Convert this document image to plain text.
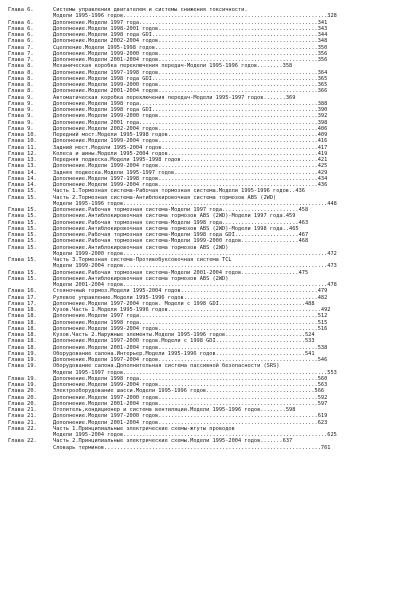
Глава 6.	Системы управления двигателем и системы снижения токсичности.
Модели 1995-1996 годов................................................................328
Глава 6.	Дополнение.Модели 1997 года........................................................341
Глава 6.	Дополнение.Модели 1998-2001 годов..................................................343
Глава 6.	Дополнение.Модели 1998 года GDI....................................................344
Глава 6.	Дополнение.Модели 2002-2004 годов..................................................348
Глава 7.	Сцепление.Модели 1995-1998 годов...................................................350
Глава 7.	Дополнение.Модели 1999-2000 годов..................................................356
Глава 7.	Дополнение.Модели 2001-2004 годов..................................................356
Глава 8.	Механическая коробка переключения передач-Модели 1995-1996 годов........358
Глава 8.	Дополнение.Модели 1997-1998 годов..................................................364
Глава 8.	Дополнение.Модели 1998 года GDI....................................................365
Глава 8.	Дополнение.Модели 1999-2000 годов..................................................365
Глава 8.	Дополнение.Модели 2001-2004 годов..................................................366
Глава 9.	Автоматическая коробка переключения передач-Модели 1995-1997 годов.......369
Глава 9.	Дополнение.Модели 1998 года........................................................388
Глава 9.	Дополнение.Модели 1998 года GDI....................................................390
Глава 9.	Дополнение.Модели 1999-2000 годов..................................................392
Глава 9.	Дополнение.Модели 2001 года........................................................398
Глава 9.	Дополнение.Модели 2002-2004 годов..................................................406
Глава 10.	Передний мост.Модели 1995-1998 годов...............................................409
Глава 10.	Дополнение.Модели 1999-2004 годов..................................................416
Глава 11.	Задний мост.Модели 1995-2004 годов.................................................417
Глава 12.	Колеса и шины.Модели 1995-2004 годов...............................................419
Глава 13.	Передняя подвеска.Модели 1995-1998 годов...........................................421
Глава 13.	Дополнение.Модели 1999-2004 годов..................................................425
Глава 14.	Задняя подвеска.Модели 1995-1997 годов.............................................429
Глава 14.	Дополнение.Модели 1997-1998 годов..................................................434
Глава 14.	Дополнение.Модели 1999-2004 годов..................................................436
Глава 15.	Часть 1.Тормозная система-Рабочая тормозная система.Модели 1995-1996 годов..436
Глава 15.	Часть 2.Тормозная система-Антиблокировочная система тормозов ABS (2WD)
Модели 1995-1996 годов................................................................448
Глава 15.	Дополнение.Рабочая тормозная система-Модели 1997 года........................458
Глава 15.	Дополнение.Антиблокировочная система тормозов ABS (2WD)-Модели 1997 года.459
Глава 15.	Дополнение.Рабочая тормозная система-Модели 1998 года........................463
Глава 15.	Дополнение.Антиблокировочная система тормозов ABS (2WD)-Модели 1998 года..465
Глава 15.	Дополнение.Рабочая тормозная система-Модели 1998 года GDI....................467
Глава 15.	Дополнение.Рабочая тормозная система-Модели 1999-2000 годов..................468
Глава 15.	Дополнение.Антиблокировочная система тормозов ABS (2WD)
Модели 1999-2000 годов................................................................472
Глава 15.	Часть 3.Тормозная система-Противобуксовочная система TCL
Модели 1999-2004 годов................................................................473
Глава 15.	Дополнение.Рабочая тормозная система-Модели 2001-2004 годов..................475
Глава 15.	Дополнение.Антиблокировочная система тормозов ABS (2WD)
Модели 2001-2004 годов................................................................478
Глава 16.	Стояночный тормоз.Модели 1995-2004 годов...........................................479
Глава 17.	Рулевое управление.Модели 1995-1996 годов..........................................482
Глава 17.	Дополнение.Модели 1997-2004 годов. Модели с 1998 GDI...........................488
Глава 18.	Кузов.Часть 1.Модели 1995-1996 годов................................................492
Глава 18.	Дополнение.Модели 1997 года........................................................512
Глава 18.	Дополнение.Модели 1998 года........................................................515
Глава 18.	Дополнение.Модели 1999-2004 годов..................................................516
Глава 18.	Кузов.Часть 2.Наружные элементы.Модели 1995-1996 годов.........................524
Глава 18.	Дополнение.Модели 1997-2000 годов.Модели с 1998 GDI............................533
Глава 18.	Дополнение.Модели 2001-2004 годов..................................................538
Глава 19.	Оборудование салона.Интерьер.Модели 1995-1996 годов............................541
Глава 19.	Дополнение.Модели 1997-2004 годов..................................................546
Глава 19.	Оборудование салона.Дополнительная система пассивной безопасности (SRS)
Модели 1995-1997 годов................................................................553
Глава 19.	Дополнение.Модели 1998 года........................................................560
Глава 19.	Дополнение.Модели 1999-2004 годов..................................................563
Глава 20.	Электрооборудование шасси.Модели 1995-1996 годов..................................566
Глава 20.	Дополнение.Модели 1997-2000 годов..................................................592
Глава 20.	Дополнение.Модели 2001-2004 годов..................................................597
Глава 21.	Отопитель,кондиционер и система вентиляции.Модели 1995-1996 годов........598
Глава 21.	Дополнение.Модели 1997-2000 годов..................................................619
Глава 21.	Дополнение.Модели 2001-2004 годов..................................................623
Глава 22.	Часть 1.Принципиальные электрические схемы-жгуты проводов
Модели 1995-2004 годов................................................................625
Глава 22.	Часть 2.Принципиальные электрические схемы.Модели 1995-2004 годов.......637
Словарь терминов....................................................................761
